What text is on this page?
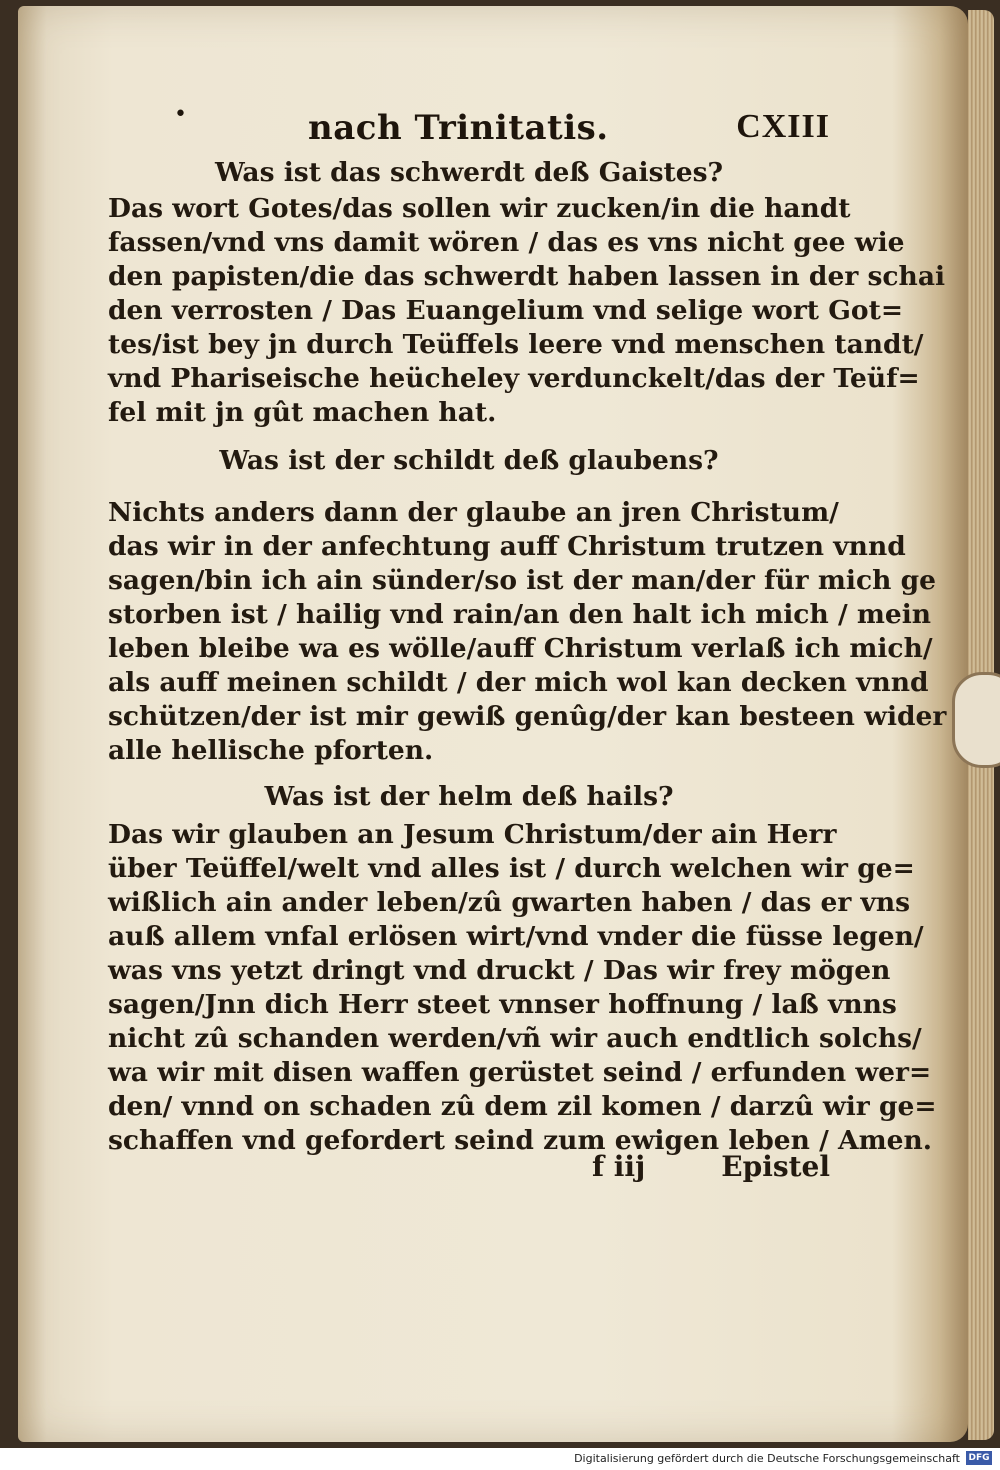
•	nach Trinitatis.	CXIII
Was ist das schwerdt deß Gaistes?
Das wort Gotes/das sollen wir zucken/in die handt
fassen/vnd vns damit wören / das es vns nicht gee wie
den papisten/die das schwerdt haben lassen in der schai
den verrosten / Das Euangelium vnd selige wort Got=
tes/ist bey jn durch Teüffels leere vnd menschen tandt/
vnd Phariseische heücheley verdunckelt/das der Teüf=
fel mit jn gût machen hat.
Was ist der schildt deß glaubens?
Nichts anders dann der glaube an jren Christum/
das wir in der anfechtung auff Christum trutzen vnnd
sagen/bin ich ain sünder/so ist der man/der für mich ge
storben ist / hailig vnd rain/an den halt ich mich / mein
leben bleibe wa es wölle/auff Christum verlaß ich mich/
als auff meinen schildt / der mich wol kan decken vnnd
schützen/der ist mir gewiß genûg/der kan besteen wider
alle hellische pforten.
Was ist der helm deß hails?
Das wir glauben an Jesum Christum/der ain Herr
über Teüffel/welt vnd alles ist / durch welchen wir ge=
wißlich ain ander leben/zû gwarten haben / das er vns
auß allem vnfal erlösen wirt/vnd vnder die füsse legen/
was vns yetzt dringt vnd druckt / Das wir frey mögen
sagen/Jnn dich Herr steet vnnser hoffnung / laß vnns
nicht zû schanden werden/vñ wir auch endtlich solchs/
wa wir mit disen waffen gerüstet seind / erfunden wer=
den/ vnnd on schaden zû dem zil komen / darzû wir ge=
schaffen vnd gefordert seind zum ewigen leben / Amen.
f iij	Epistel
Digitalisierung gefördert durch die Deutsche Forschungsgemeinschaft DFG
